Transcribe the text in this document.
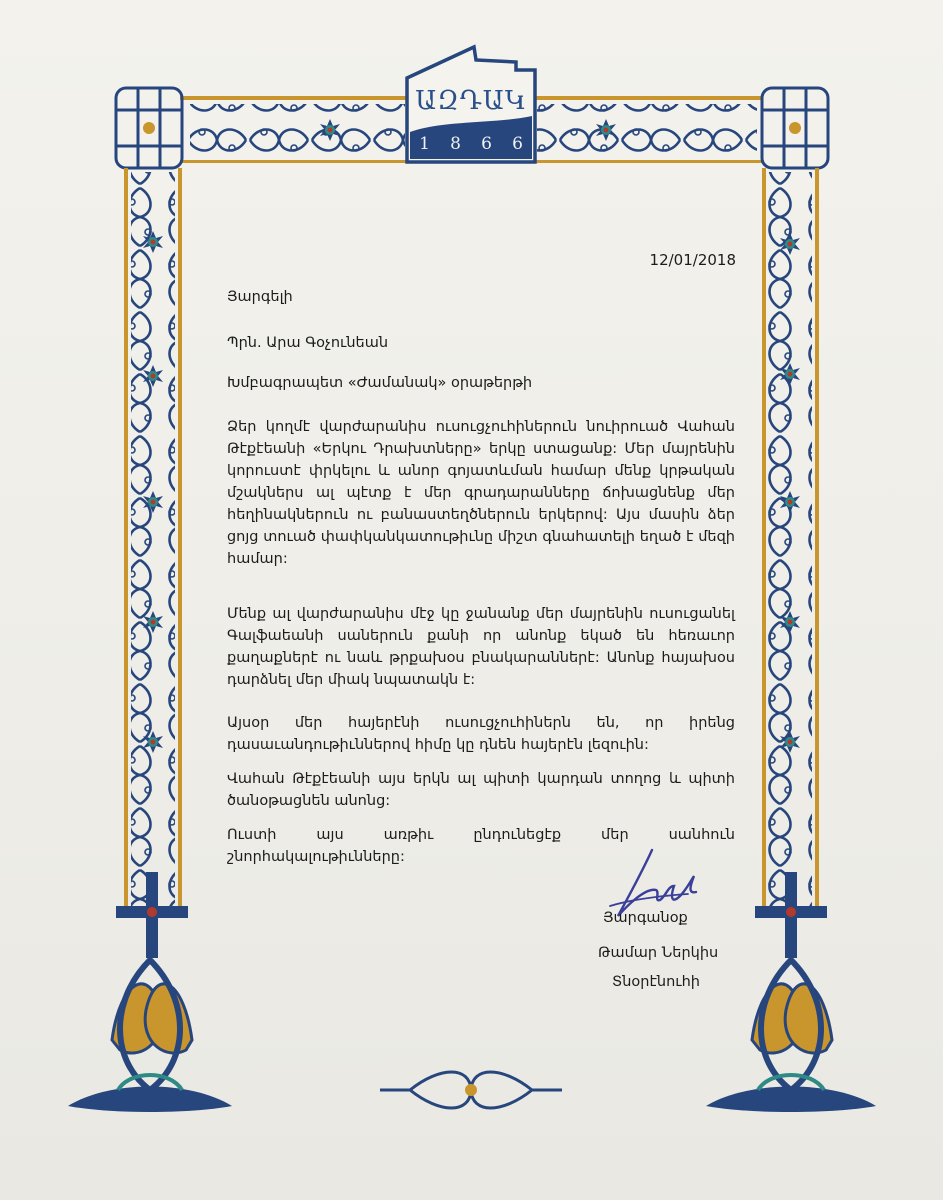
ԱԶԴԱԿ
1 8 6 6
12/01/2018
Յարգելի
Պրն. Արա Գօչունեան
Խմբագրապետ «Ժամանակ» օրաթերթի
Ձեր կողմէ վարժարանիս ուսուցչուհիներուն նուիրուած Վահան Թէքէեանի «Երկու Դրախտները» երկը ստացանք: Մեր մայրենին կորուստէ փրկելու և անոր գոյատևման համար մենք կրթական մշակներս ալ պէտք է մեր գրադարանները ճոխացնենք մեր հեղինակներուն ու բանաստեղծներուն երկերով: Այս մասին ձեր ցոյց տուած փափկանկատութիւնը միշտ գնահատելի եղած է մեզի համար:
Մենք ալ վարժարանիս մէջ կը ջանանք մեր մայրենին ուսուցանել Գալֆաեանի սաներուն քանի որ անոնք եկած են հեռաւոր քաղաքներէ ու նաև թրքախօս բնակարաններէ: Անոնք հայախօս դարձնել մեր միակ նպատակն է:
Այսօր մեր հայերէնի ուսուցչուհիներն են, որ իրենց դասաւանդութիւններով հիմը կը դնեն հայերէն լեզուին:
Վահան Թէքէեանի այս երկն ալ պիտի կարդան տողոց և պիտի ծանօթացնեն անոնց:
Ուստի այս առթիւ ընդունեցէք մեր սանհուն
շնորհակալութիւնները:
Յարգանօք
Թամար Ներկիս
Տնօրէնուհի
